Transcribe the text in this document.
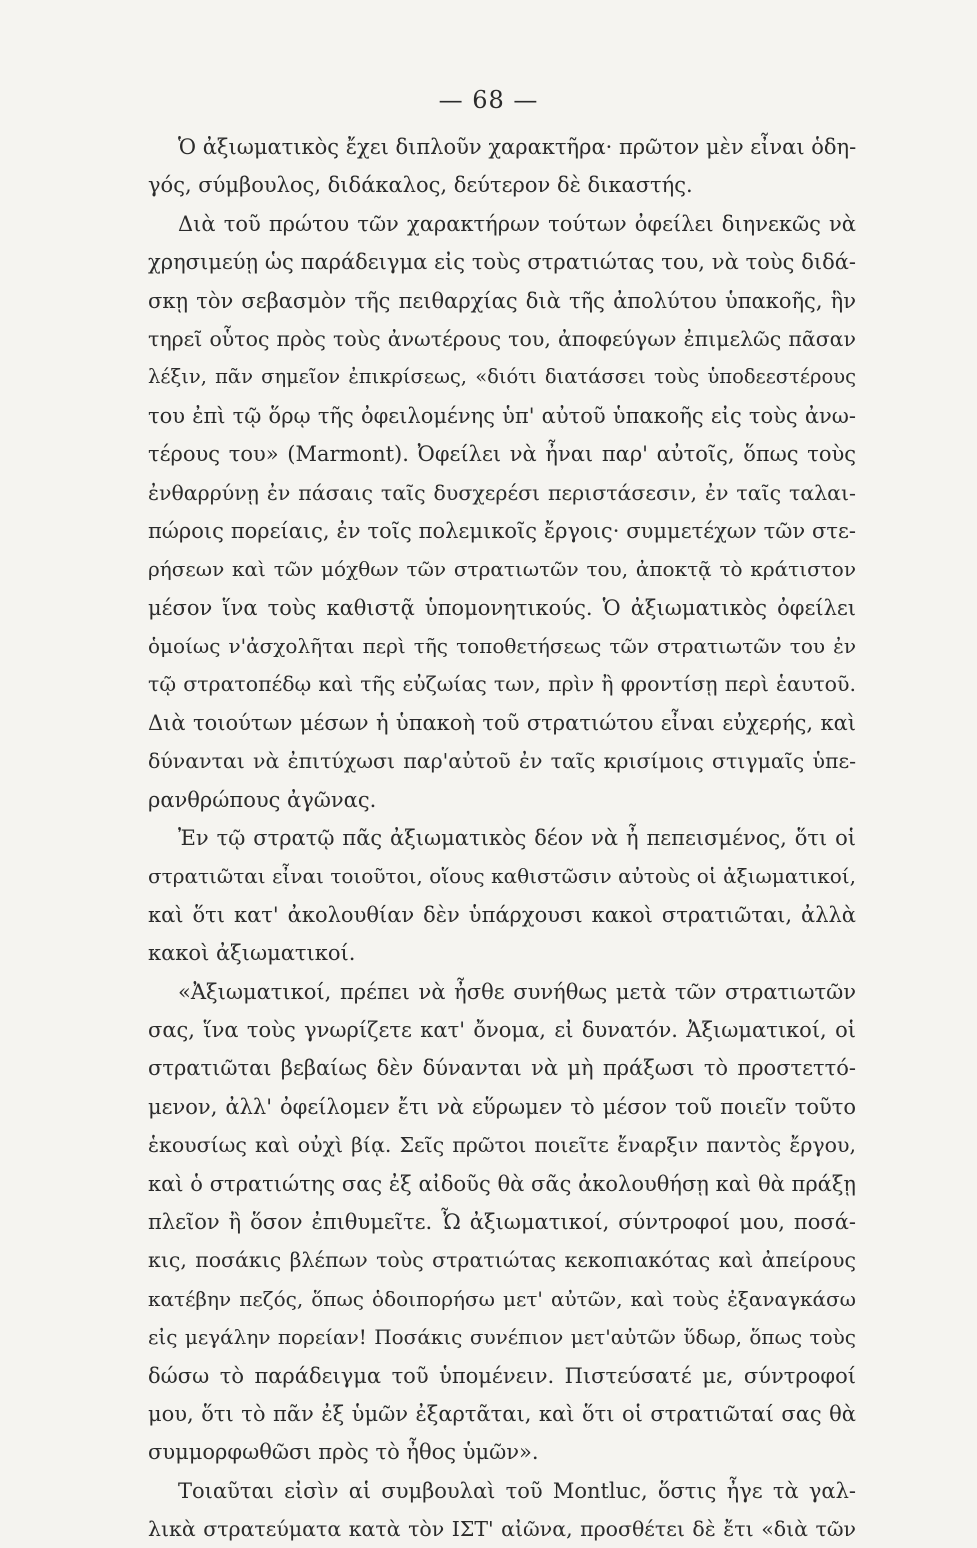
— 68 —
Ὁ ἀξιωματικὸς ἔχει διπλοῦν χαρακτῆρα· πρῶτον μὲν εἶναι ὁδη-
γός, σύμβουλος, διδάκαλος, δεύτερον δὲ δικαστής.
Διὰ τοῦ πρώτου τῶν χαρακτήρων τούτων ὀφείλει διηνεκῶς νὰ
χρησιμεύῃ ὡς παράδειγμα εἰς τοὺς στρατιώτας του, νὰ τοὺς διδά-
σκῃ τὸν σεβασμὸν τῆς πειθαρχίας διὰ τῆς ἀπολύτου ὑπακοῆς, ἣν
τηρεῖ οὗτος πρὸς τοὺς ἀνωτέρους του, ἀποφεύγων ἐπιμελῶς πᾶσαν
λέξιν, πᾶν σημεῖον ἐπικρίσεως, «διότι διατάσσει τοὺς ὑποδεεστέρους
του ἐπὶ τῷ ὅρῳ τῆς ὀφειλομένης ὑπ' αὐτοῦ ὑπακοῆς εἰς τοὺς ἀνω-
τέρους του» (Marmont). Ὀφείλει νὰ ἦναι παρ' αὐτοῖς, ὅπως τοὺς
ἐνθαρρύνῃ ἐν πάσαις ταῖς δυσχερέσι περιστάσεσιν, ἐν ταῖς ταλαι-
πώροις πορείαις, ἐν τοῖς πολεμικοῖς ἔργοις· συμμετέχων τῶν στε-
ρήσεων καὶ τῶν μόχθων τῶν στρατιωτῶν του, ἀποκτᾷ τὸ κράτιστον
μέσον ἵνα τοὺς καθιστᾷ ὑπομονητικούς. Ὁ ἀξιωματικὸς ὀφείλει
ὁμοίως ν'ἀσχολῆται περὶ τῆς τοποθετήσεως τῶν στρατιωτῶν του ἐν
τῷ στρατοπέδῳ καὶ τῆς εὐζωίας των, πρὶν ἢ φροντίσῃ περὶ ἑαυτοῦ.
Διὰ τοιούτων μέσων ἡ ὑπακοὴ τοῦ στρατιώτου εἶναι εὐχερής, καὶ
δύνανται νὰ ἐπιτύχωσι παρ'αὐτοῦ ἐν ταῖς κρισίμοις στιγμαῖς ὑπε-
ρανθρώπους ἀγῶνας.
Ἐν τῷ στρατῷ πᾶς ἀξιωματικὸς δέον νὰ ἦ πεπεισμένος, ὅτι οἱ
στρατιῶται εἶναι τοιοῦτοι, οἵους καθιστῶσιν αὐτοὺς οἱ ἀξιωματικοί,
καὶ ὅτι κατ' ἀκολουθίαν δὲν ὑπάρχουσι κακοὶ στρατιῶται, ἀλλὰ
κακοὶ ἀξιωματικοί.
«Ἀξιωματικοί, πρέπει νὰ ἦσθε συνήθως μετὰ τῶν στρατιωτῶν
σας, ἵνα τοὺς γνωρίζετε κατ' ὄνομα, εἰ δυνατόν. Ἀξιωματικοί, οἱ
στρατιῶται βεβαίως δὲν δύνανται νὰ μὴ πράξωσι τὸ προστεττό-
μενον, ἀλλ' ὀφείλομεν ἔτι νὰ εὕρωμεν τὸ μέσον τοῦ ποιεῖν τοῦτο
ἑκουσίως καὶ οὐχὶ βίᾳ. Σεῖς πρῶτοι ποιεῖτε ἔναρξιν παντὸς ἔργου,
καὶ ὁ στρατιώτης σας ἐξ αἰδοῦς θὰ σᾶς ἀκολουθήσῃ καὶ θὰ πράξῃ
πλεῖον ἢ ὅσον ἐπιθυμεῖτε. Ὦ ἀξιωματικοί, σύντροφοί μου, ποσά-
κις, ποσάκις βλέπων τοὺς στρατιώτας κεκοπιακότας καὶ ἀπείρους
κατέβην πεζός, ὅπως ὁδοιπορήσω μετ' αὐτῶν, καὶ τοὺς ἐξαναγκάσω
εἰς μεγάλην πορείαν! Ποσάκις συνέπιον μετ'αὐτῶν ὕδωρ, ὅπως τοὺς
δώσω τὸ παράδειγμα τοῦ ὑπομένειν. Πιστεύσατέ με, σύντροφοί
μου, ὅτι τὸ πᾶν ἐξ ὑμῶν ἐξαρτᾶται, καὶ ὅτι οἱ στρατιῶταί σας θὰ
συμμορφωθῶσι πρὸς τὸ ἦθος ὑμῶν».
Τοιαῦται εἰσὶν αἱ συμβουλαὶ τοῦ Montluc, ὅστις ἦγε τὰ γαλ-
λικὰ στρατεύματα κατὰ τὸν ΙΣΤ' αἰῶνα, προσθέτει δὲ ἔτι «διὰ τῶν
